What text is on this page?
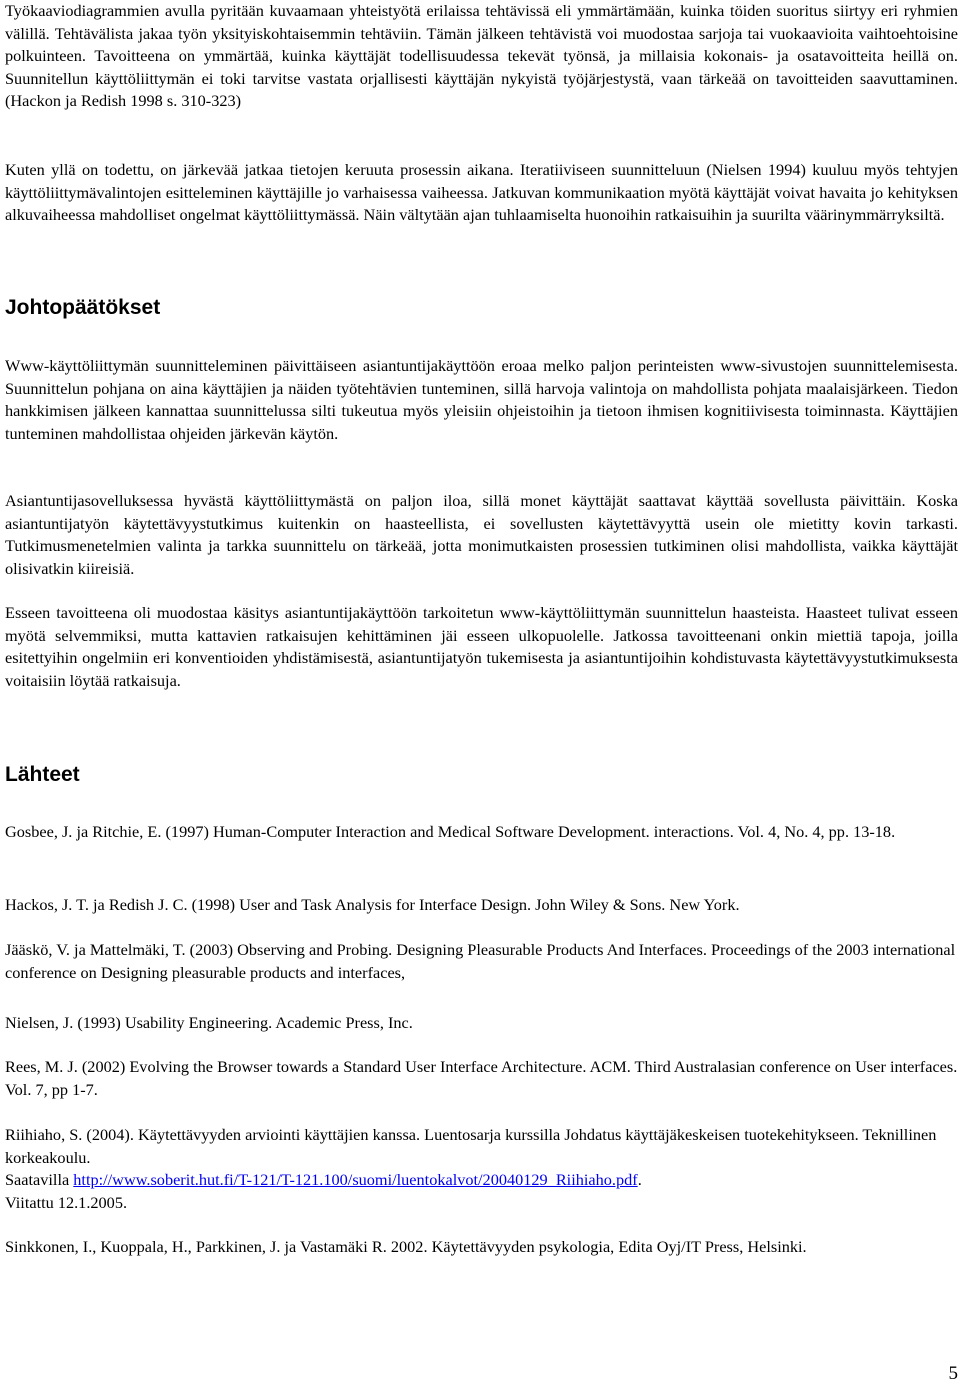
Työkaaviodiagrammien avulla pyritään kuvaamaan yhteistyötä erilaissa tehtävissä eli ymmärtämään, kuinka töiden suoritus siirtyy eri ryhmien välillä. Tehtävälista jakaa työn yksityiskohtaisemmin tehtäviin. Tämän jälkeen tehtävistä voi muodostaa sarjoja tai vuokaavioita vaihtoehtoisine polkuinteen. Tavoitteena on ymmärtää, kuinka käyttäjät todellisuudessa tekevät työnsä, ja millaisia kokonais- ja osatavoitteita heillä on. Suunnitellun käyttöliittymän ei toki tarvitse vastata orjallisesti käyttäjän nykyistä työjärjestystä, vaan tärkeää on tavoitteiden saavuttaminen. (Hackon ja Redish 1998 s. 310-323)

Kuten yllä on todettu, on järkevää jatkaa tietojen keruuta prosessin aikana. Iteratiiviseen suunnitteluun (Nielsen 1994) kuuluu myös tehtyjen käyttöliittymävalintojen esitteleminen käyttäjille jo varhaisessa vaiheessa. Jatkuvan kommunikaation myötä käyttäjät voivat havaita jo kehityksen alkuvaiheessa mahdolliset ongelmat käyttöliittymässä. Näin vältytään ajan tuhlaamiselta huonoihin ratkaisuihin ja suurilta väärinymmärryksiltä.

Johtopäätökset

Www-käyttöliittymän suunnitteleminen päivittäiseen asiantuntijakäyttöön eroaa melko paljon perinteisten www-sivustojen suunnittelemisesta. Suunnittelun pohjana on aina käyttäjien ja näiden työtehtävien tunteminen, sillä harvoja valintoja on mahdollista pohjata maalaisjärkeen. Tiedon hankkimisen jälkeen kannattaa suunnittelussa silti tukeutua myös yleisiin ohjeistoihin ja tietoon ihmisen kognitiivisesta toiminnasta. Käyttäjien tunteminen mahdollistaa ohjeiden järkevän käytön.

Asiantuntijasovelluksessa hyvästä käyttöliittymästä on paljon iloa, sillä monet käyttäjät saattavat käyttää sovellusta päivittäin. Koska asiantuntijatyön käytettävyystutkimus kuitenkin on haasteellista, ei sovellusten käytettävyyttä usein ole mietitty kovin tarkasti. Tutkimusmenetelmien valinta ja tarkka suunnittelu on tärkeää, jotta monimutkaisten prosessien tutkiminen olisi mahdollista, vaikka käyttäjät olisivatkin kiireisiä.

Esseen tavoitteena oli muodostaa käsitys asiantuntijakäyttöön tarkoitetun www-käyttöliittymän suunnittelun haasteista. Haasteet tulivat esseen myötä selvemmiksi, mutta kattavien ratkaisujen kehittäminen jäi esseen ulkopuolelle. Jatkossa tavoitteenani onkin miettiä tapoja, joilla esitettyihin ongelmiin eri konventioiden yhdistämisestä, asiantuntijatyön tukemisesta ja asiantuntijoihin kohdistuvasta käytettävyystutkimuksesta voitaisiin löytää ratkaisuja.

Lähteet

Gosbee, J. ja Ritchie, E. (1997) Human-Computer Interaction and Medical Software Development. interactions. Vol. 4, No. 4, pp. 13-18.

Hackos, J. T. ja Redish J. C. (1998) User and Task Analysis for Interface Design. John Wiley & Sons. New York.

Jääskö, V. ja Mattelmäki, T. (2003) Observing and Probing. Designing Pleasurable Products And Interfaces. Proceedings of the 2003 international conference on Designing pleasurable products and interfaces,

Nielsen, J. (1993) Usability Engineering. Academic Press, Inc.

Rees, M. J. (2002) Evolving the Browser towards a Standard User Interface Architecture. ACM. Third Australasian conference on User interfaces. Vol. 7, pp 1-7.

Riihiaho, S. (2004). Käytettävyyden arviointi käyttäjien kanssa. Luentosarja kurssilla Johdatus käyttäjäkeskeisen tuotekehitykseen. Teknillinen korkeakoulu.
Saatavilla http://www.soberit.hut.fi/T-121/T-121.100/suomi/luentokalvot/20040129_Riihiaho.pdf.
Viitattu 12.1.2005.

Sinkkonen, I., Kuoppala, H., Parkkinen, J. ja Vastamäki R. 2002. Käytettävyyden psykologia, Edita Oyj/IT Press, Helsinki.

5
